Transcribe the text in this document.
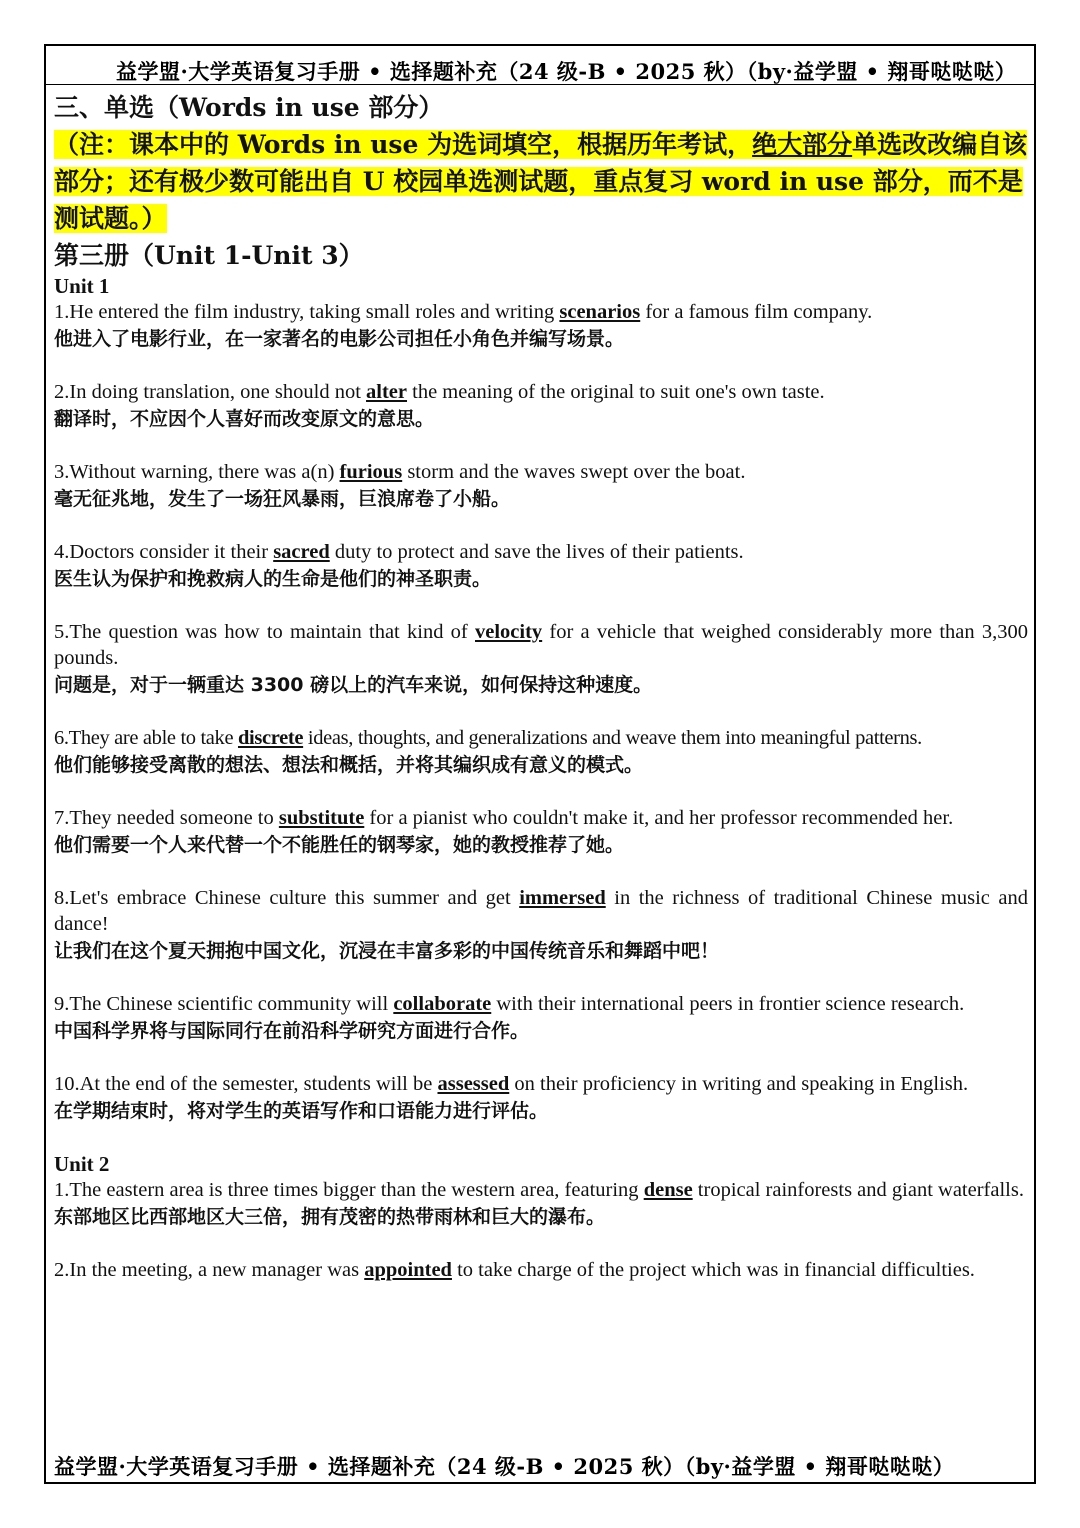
益学盟·大学英语复习手册 • 选择题补充（24 级-B • 2025 秋）（by·益学盟 • 翔哥哒哒哒）
三、单选（Words in use 部分）
（注：课本中的 Words in use 为选词填空，根据历年考试，绝大部分单选改改编自该部分；还有极少数可能出自 U 校园单选测试题，重点复习 word in use 部分，而不是测试题。）
第三册（Unit 1-Unit 3）
Unit 1
1.He entered the film industry, taking small roles and writing scenarios for a famous film company.
他进入了电影行业，在一家著名的电影公司担任小角色并编写场景。
2.In doing translation, one should not alter the meaning of the original to suit one's own taste.
翻译时，不应因个人喜好而改变原文的意思。
3.Without warning, there was a(n) furious storm and the waves swept over the boat.
毫无征兆地，发生了一场狂风暴雨，巨浪席卷了小船。
4.Doctors consider it their sacred duty to protect and save the lives of their patients.
医生认为保护和挽救病人的生命是他们的神圣职责。
5.The question was how to maintain that kind of velocity for a vehicle that weighed considerably more than 3,300 pounds.
问题是，对于一辆重达 3300 磅以上的汽车来说，如何保持这种速度。
6.They are able to take discrete ideas, thoughts, and generalizations and weave them into meaningful patterns.
他们能够接受离散的想法、想法和概括，并将其编织成有意义的模式。
7.They needed someone to substitute for a pianist who couldn't make it, and her professor recommended her.
他们需要一个人来代替一个不能胜任的钢琴家，她的教授推荐了她。
8.Let's embrace Chinese culture this summer and get immersed in the richness of traditional Chinese music and dance!
让我们在这个夏天拥抱中国文化，沉浸在丰富多彩的中国传统音乐和舞蹈中吧！
9.The Chinese scientific community will collaborate with their international peers in frontier science research.
中国科学界将与国际同行在前沿科学研究方面进行合作。
10.At the end of the semester, students will be assessed on their proficiency in writing and speaking in English.
在学期结束时，将对学生的英语写作和口语能力进行评估。
Unit 2
1.The eastern area is three times bigger than the western area, featuring dense tropical rainforests and giant waterfalls.
东部地区比西部地区大三倍，拥有茂密的热带雨林和巨大的瀑布。
2.In the meeting, a new manager was appointed to take charge of the project which was in financial difficulties.
益学盟·大学英语复习手册 • 选择题补充（24 级-B • 2025 秋）（by·益学盟 • 翔哥哒哒哒）
